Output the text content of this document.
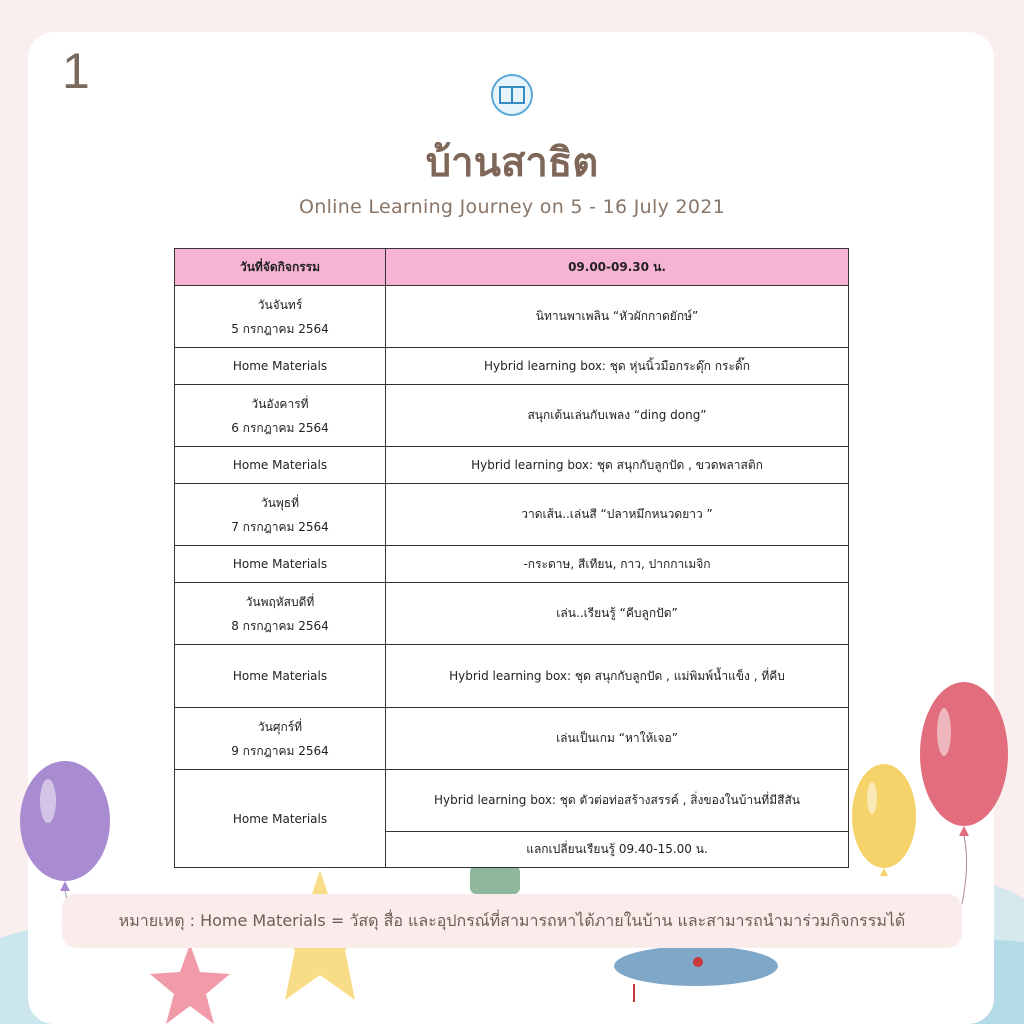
1
บ้านสาธิต
Online Learning Journey on 5 - 16 July 2021
วันที่จัดกิจกรรม	09.00-09.30 น.

วันจันทร์
5 กรกฎาคม 2564	นิทานพาเพลิน “หัวผักกาดยักษ์”
Home Materials	Hybrid learning box: ชุด หุ่นนิ้วมือกระดุ๊ก กระดิ๊ก

วันอังคารที่
6 กรกฎาคม 2564	สนุกเต้นเล่นกับเพลง “ding dong”
Home Materials	Hybrid learning box: ชุด สนุกกับลูกปัด , ขวดพลาสติก

วันพุธที่
7 กรกฎาคม 2564	วาดเส้น..เล่นสี “ปลาหมึกหนวดยาว ”
Home Materials	-กระดาษ, สีเทียน, กาว, ปากกาเมจิก

วันพฤหัสบดีที่
8 กรกฎาคม 2564	เล่น..เรียนรู้ “คีบลูกปัด”
Home Materials	Hybrid learning box: ชุด สนุกกับลูกปัด , แม่พิมพ์น้ำแข็ง , ที่คีบ

วันศุกร์ที่
9 กรกฎาคม 2564	เล่นเป็นเกม “หาให้เจอ”
Home Materials	Hybrid learning box: ชุด ตัวต่อท่อสร้างสรรค์ , สิ่งของในบ้านที่มีสีสัน
	แลกเปลี่ยนเรียนรู้ 09.40-15.00 น.
หมายเหตุ : Home Materials = วัสดุ สื่อ และอุปกรณ์ที่สามารถหาได้ภายในบ้าน และสามารถนำมาร่วมกิจกรรมได้
